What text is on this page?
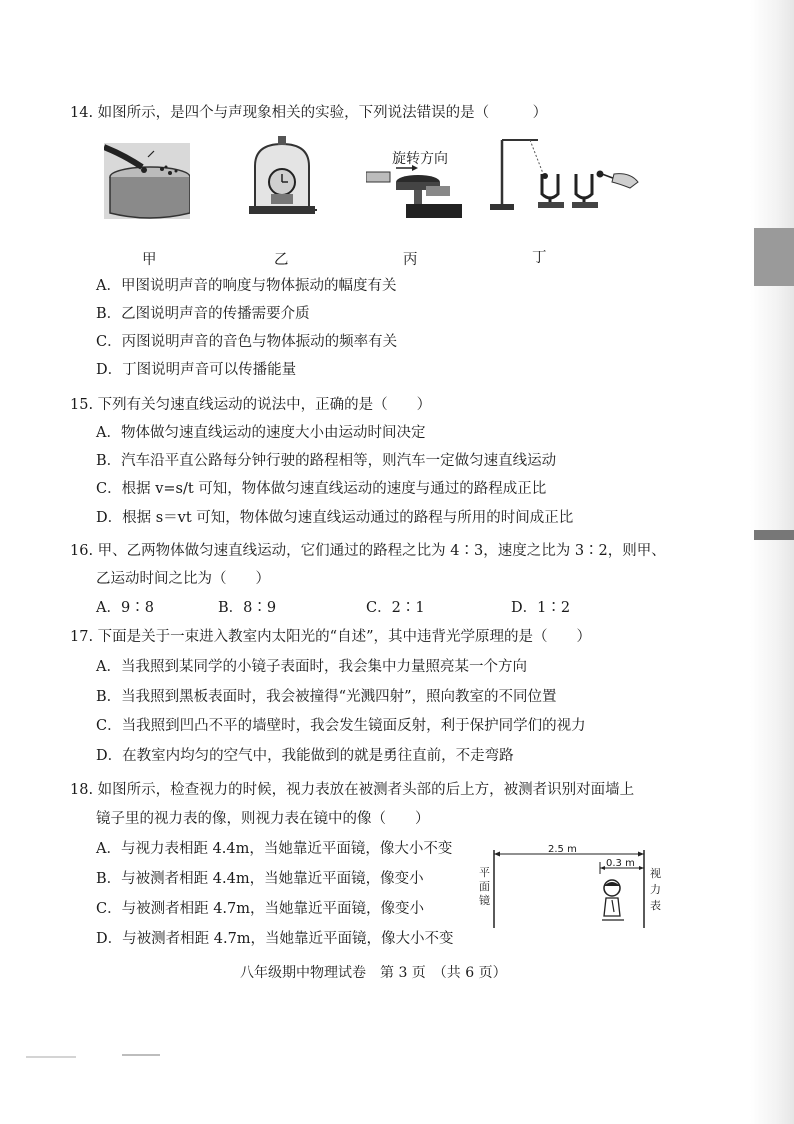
14. 如图所示，是四个与声现象相关的实验，下列说法错误的是（　　　）
甲	乙
旋转方向
丙	丁
A．甲图说明声音的响度与物体振动的幅度有关
B．乙图说明声音的传播需要介质
C．丙图说明声音的音色与物体振动的频率有关
D．丁图说明声音可以传播能量
15. 下列有关匀速直线运动的说法中，正确的是（　　）
A．物体做匀速直线运动的速度大小由运动时间决定
B．汽车沿平直公路每分钟行驶的路程相等，则汽车一定做匀速直线运动
C．根据 v=s/t 可知，物体做匀速直线运动的速度与通过的路程成正比
D．根据 s＝vt 可知，物体做匀速直线运动通过的路程与所用的时间成正比
16. 甲、乙两物体做匀速直线运动，它们通过的路程之比为 4∶3，速度之比为 3∶2，则甲、
乙运动时间之比为（　　）
A．9∶8	B．8∶9	C．2∶1	D．1∶2
17. 下面是关于一束进入教室内太阳光的“自述”，其中违背光学原理的是（　　）
A．当我照到某同学的小镜子表面时，我会集中力量照亮某一个方向
B．当我照到黑板表面时，我会被撞得“光溅四射”，照向教室的不同位置
C．当我照到凹凸不平的墙壁时，我会发生镜面反射，利于保护同学们的视力
D．在教室内均匀的空气中，我能做到的就是勇往直前，不走弯路
18. 如图所示，检查视力的时候，视力表放在被测者头部的后上方，被测者识别对面墙上
镜子里的视力表的像，则视力表在镜中的像（　　）
A．与视力表相距 4.4m，当她靠近平面镜，像大小不变
B．与被测者相距 4.4m，当她靠近平面镜，像变小
C．与被测者相距 4.7m，当她靠近平面镜，像变小
D．与被测者相距 4.7m，当她靠近平面镜，像大小不变
2.5 m
0.3 m
平
面
镜
视
力
表
八年级期中物理试卷　第 3 页　（共 6 页）
